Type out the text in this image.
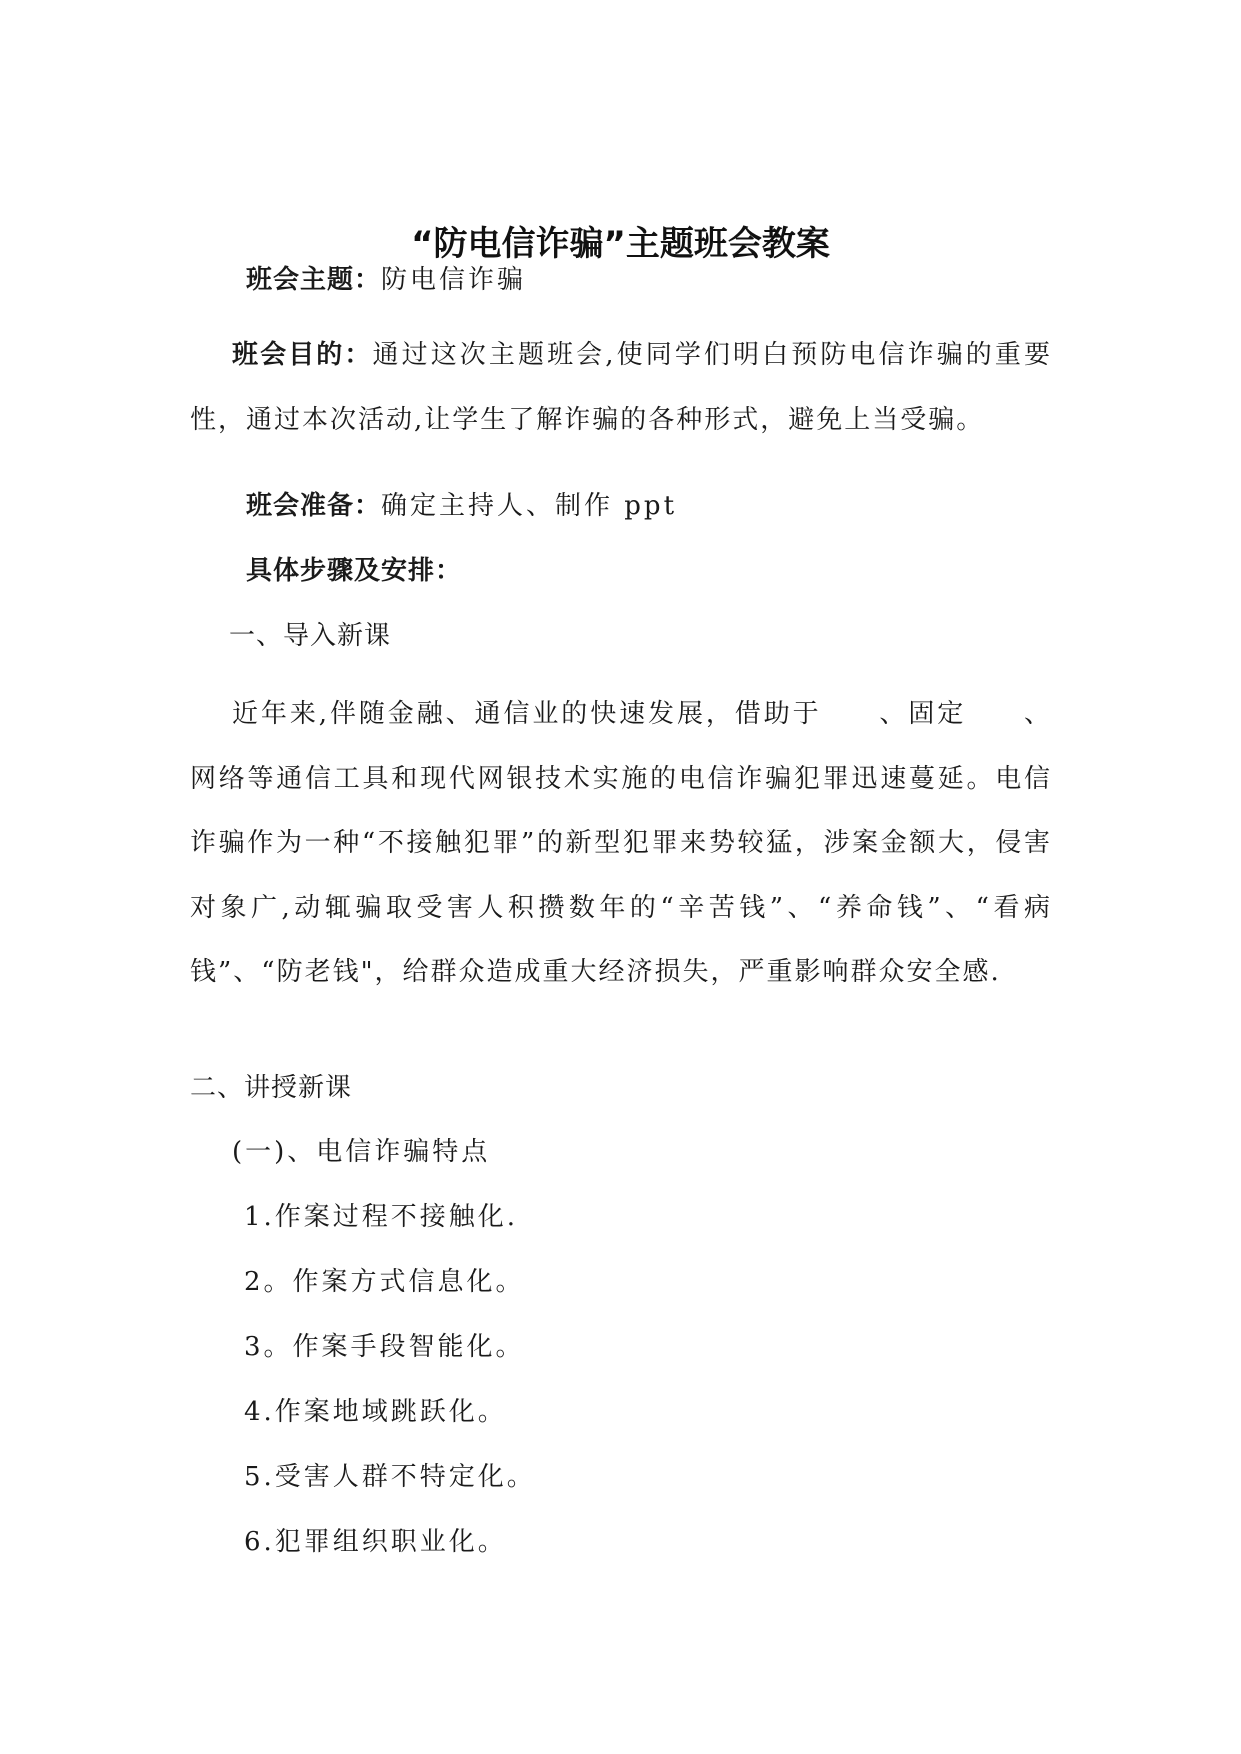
“防电信诈骗”主题班会教案
班会主题：防电信诈骗

班会目的：通过这次主题班会,使同学们明白预防电信诈骗的重要性，通过本次活动,让学生了解诈骗的各种形式，避免上当受骗。

班会准备：确定主持人、制作 ppt
具体步骤及安排：
一、导入新课

近年来,伴随金融、通信业的快速发展，借助于　　、固定　　、网络等通信工具和现代网银技术实施的电信诈骗犯罪迅速蔓延。电信诈骗作为一种“不接触犯罪”的新型犯罪来势较猛，涉案金额大，侵害对象广,动辄骗取受害人积攒数年的“辛苦钱”、“养命钱”、“看病钱”、“防老钱"，给群众造成重大经济损失，严重影响群众安全感.

二、讲授新课
(一)、电信诈骗特点
1.作案过程不接触化.
2。作案方式信息化。
3。作案手段智能化。
4.作案地域跳跃化。
5.受害人群不特定化。
6.犯罪组织职业化。
